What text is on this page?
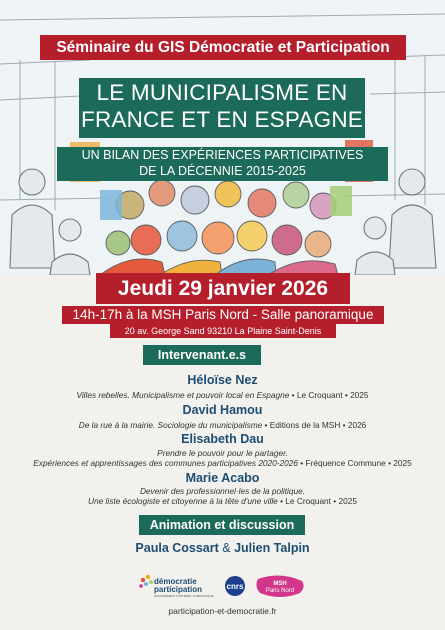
Séminaire du GIS Démocratie et Participation
LE MUNICIPALISME EN
FRANCE ET EN ESPAGNE
UN BILAN DES EXPÉRIENCES PARTICIPATIVES
DE LA DÉCENNIE 2015-2025
Jeudi 29 janvier 2026
14h-17h à la MSH Paris Nord - Salle panoramique
20 av. George Sand 93210 La Plaine Saint-Denis
Intervenant.e.s
Héloïse Nez
Villes rebelles. Municipalisme et pouvoir local en Espagne • Le Croquant • 2025
David Hamou
De la rue à la mairie. Sociologie du municipalisme • Editions de la MSH • 2026
Elisabeth Dau
Prendre le pouvoir pour le partager.
Expériences et apprentissages des communes participatives 2020-2026 • Fréquence Commune • 2025
Marie Acabo
Devenir des professionnel·les de la politique.
Une liste écologiste et citoyenne à la tête d'une ville • Le Croquant • 2025
Animation et discussion
Paula Cossart & Julien Talpin
démocratie
participation
GROUPEMENT D'INTÉRÊT SCIENTIFIQUE
cnrs	MSH
Paris Nord
participation-et-democratie.fr
